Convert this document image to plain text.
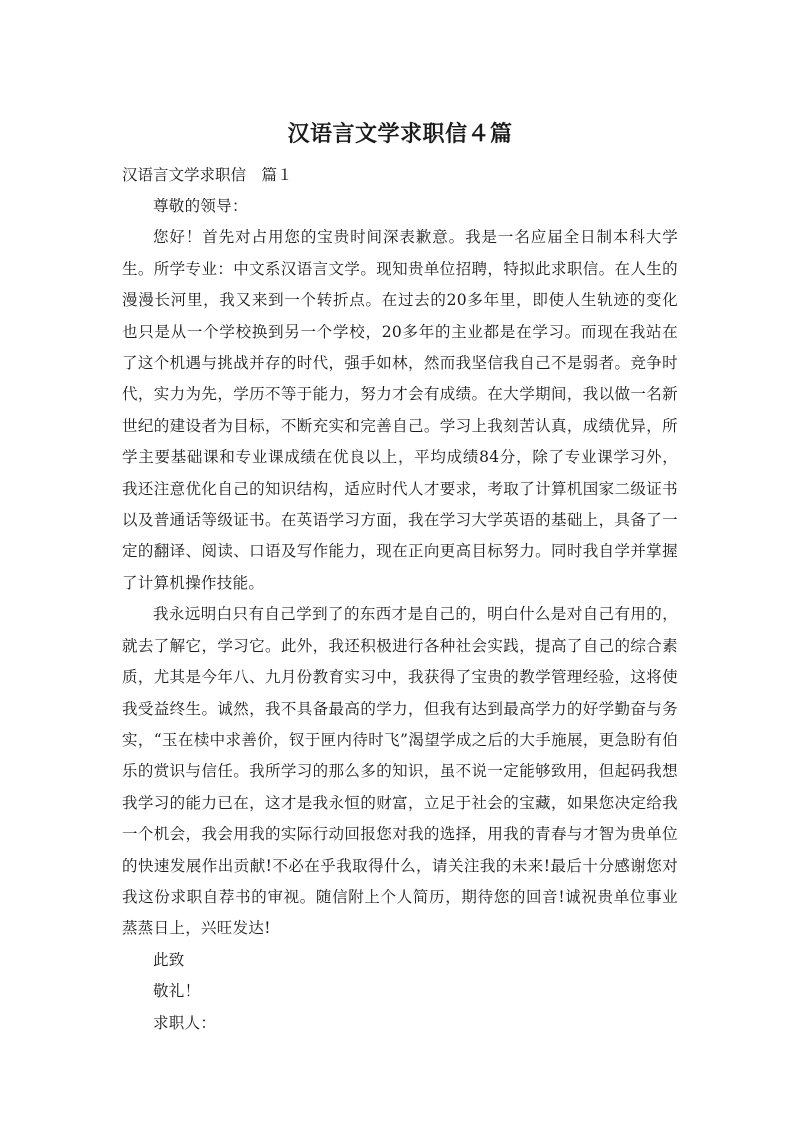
汉语言文学求职信４篇

汉语言文学求职信　篇１

尊敬的领导：

您好！首先对占用您的宝贵时间深表歉意。我是一名应届全日制本科大学生。所学专业：中文系汉语言文学。现知贵单位招聘，特拟此求职信。在人生的漫漫长河里，我又来到一个转折点。在过去的20多年里，即使人生轨迹的变化也只是从一个学校换到另一个学校，20多年的主业都是在学习。而现在我站在了这个机遇与挑战并存的时代，强手如林，然而我坚信我自己不是弱者。竞争时代，实力为先，学历不等于能力，努力才会有成绩。在大学期间，我以做一名新世纪的建设者为目标，不断充实和完善自己。学习上我刻苦认真，成绩优异，所学主要基础课和专业课成绩在优良以上，平均成绩84分，除了专业课学习外，我还注意优化自己的知识结构，适应时代人才要求，考取了计算机国家二级证书以及普通话等级证书。在英语学习方面，我在学习大学英语的基础上，具备了一定的翻译、阅读、口语及写作能力，现在正向更高目标努力。同时我自学并掌握了计算机操作技能。

我永远明白只有自己学到了的东西才是自己的，明白什么是对自己有用的，就去了解它，学习它。此外，我还积极进行各种社会实践，提高了自己的综合素质，尤其是今年八、九月份教育实习中，我获得了宝贵的教学管理经验，这将使我受益终生。诚然，我不具备最高的学力，但我有达到最高学力的好学勤奋与务实，“玉在椟中求善价，钗于匣内待时飞”渴望学成之后的大手施展，更急盼有伯乐的赏识与信任。我所学习的那么多的知识，虽不说一定能够致用，但起码我想我学习的能力已在，这才是我永恒的财富，立足于社会的宝藏，如果您决定给我一个机会，我会用我的实际行动回报您对我的选择，用我的青春与才智为贵单位的快速发展作出贡献!不必在乎我取得什么，请关注我的未来!最后十分感谢您对我这份求职自荐书的审视。随信附上个人简历，期待您的回音!诚祝贵单位事业蒸蒸日上，兴旺发达!

此致

敬礼！

求职人：
